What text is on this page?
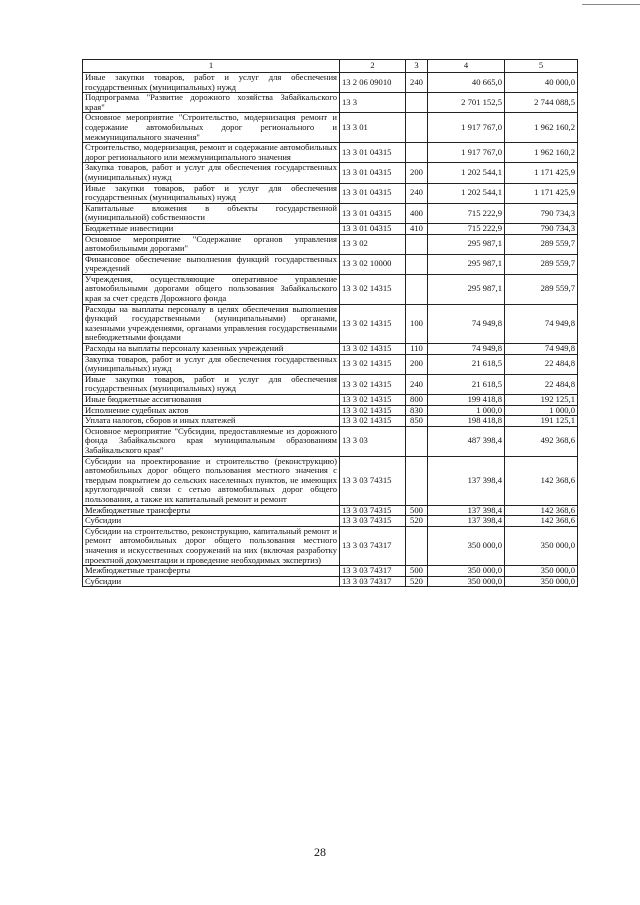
1	2	3	4	5
Иные закупки товаров, работ и услуг для обеспечения государственных (муниципальных) нужд	13 2 06 09010	240	40 665,0	40 000,0
Подпрограмма "Развитие дорожного хозяйства Забайкальского края"	13 3		2 701 152,5	2 744 088,5
Основное мероприятие "Строительство, модернизация ремонт и содержание автомобильных дорог регионального и межмуниципального значения"	13 3 01		1 917 767,0	1 962 160,2
Строительство, модернизация, ремонт и содержание автомобильных дорог регионального или межмуниципального значения	13 3 01 04315		1 917 767,0	1 962 160,2
Закупка товаров, работ и услуг для обеспечения государственных (муниципальных) нужд	13 3 01 04315	200	1 202 544,1	1 171 425,9
Иные закупки товаров, работ и услуг для обеспечения государственных (муниципальных) нужд	13 3 01 04315	240	1 202 544,1	1 171 425,9
Капитальные вложения в объекты государственной (муниципальной) собственности	13 3 01 04315	400	715 222,9	790 734,3
Бюджетные инвестиции	13 3 01 04315	410	715 222,9	790 734,3
Основное мероприятие "Содержание органов управления автомобильными дорогами"	13 3 02		295 987,1	289 559,7
Финансовое обеспечение выполнения функций государственных учреждений	13 3 02 10000		295 987,1	289 559,7
Учреждения, осуществляющие оперативное управление автомобильными дорогами общего пользования Забайкальского края за счет средств Дорожного фонда	13 3 02 14315		295 987,1	289 559,7
Расходы на выплаты персоналу в целях обеспечения выполнения функций государственными (муниципальными) органами, казенными учреждениями, органами управления государственными внебюджетными фондами	13 3 02 14315	100	74 949,8	74 949,8
Расходы на выплаты персоналу казенных учреждений	13 3 02 14315	110	74 949,8	74 949,8
Закупка товаров, работ и услуг для обеспечения государственных (муниципальных) нужд	13 3 02 14315	200	21 618,5	22 484,8
Иные закупки товаров, работ и услуг для обеспечения государственных (муниципальных) нужд	13 3 02 14315	240	21 618,5	22 484,8
Иные бюджетные ассигнования	13 3 02 14315	800	199 418,8	192 125,1
Исполнение судебных актов	13 3 02 14315	830	1 000,0	1 000,0
Уплата налогов, сборов и иных платежей	13 3 02 14315	850	198 418,8	191 125,1
Основное мероприятие "Субсидии, предоставляемые из дорожного фонда Забайкальского края муниципальным образованиям Забайкальского края"	13 3 03		487 398,4	492 368,6
Субсидии на проектирование и строительство (реконструкцию) автомобильных дорог общего пользования местного значения с твердым покрытием до сельских населенных пунктов, не имеющих круглогодичной связи с сетью автомобильных дорог общего пользования, а также их капитальный ремонт и ремонт	13 3 03 74315		137 398,4	142 368,6
Межбюджетные трансферты	13 3 03 74315	500	137 398,4	142 368,6
Субсидии	13 3 03 74315	520	137 398,4	142 368,6
Субсидии на строительство, реконструкцию, капитальный ремонт и ремонт автомобильных дорог общего пользования местного значения и искусственных сооружений на них (включая разработку проектной документации и проведение необходимых экспертиз)	13 3 03 74317		350 000,0	350 000,0
Межбюджетные трансферты	13 3 03 74317	500	350 000,0	350 000,0
Субсидии	13 3 03 74317	520	350 000,0	350 000,0
28
